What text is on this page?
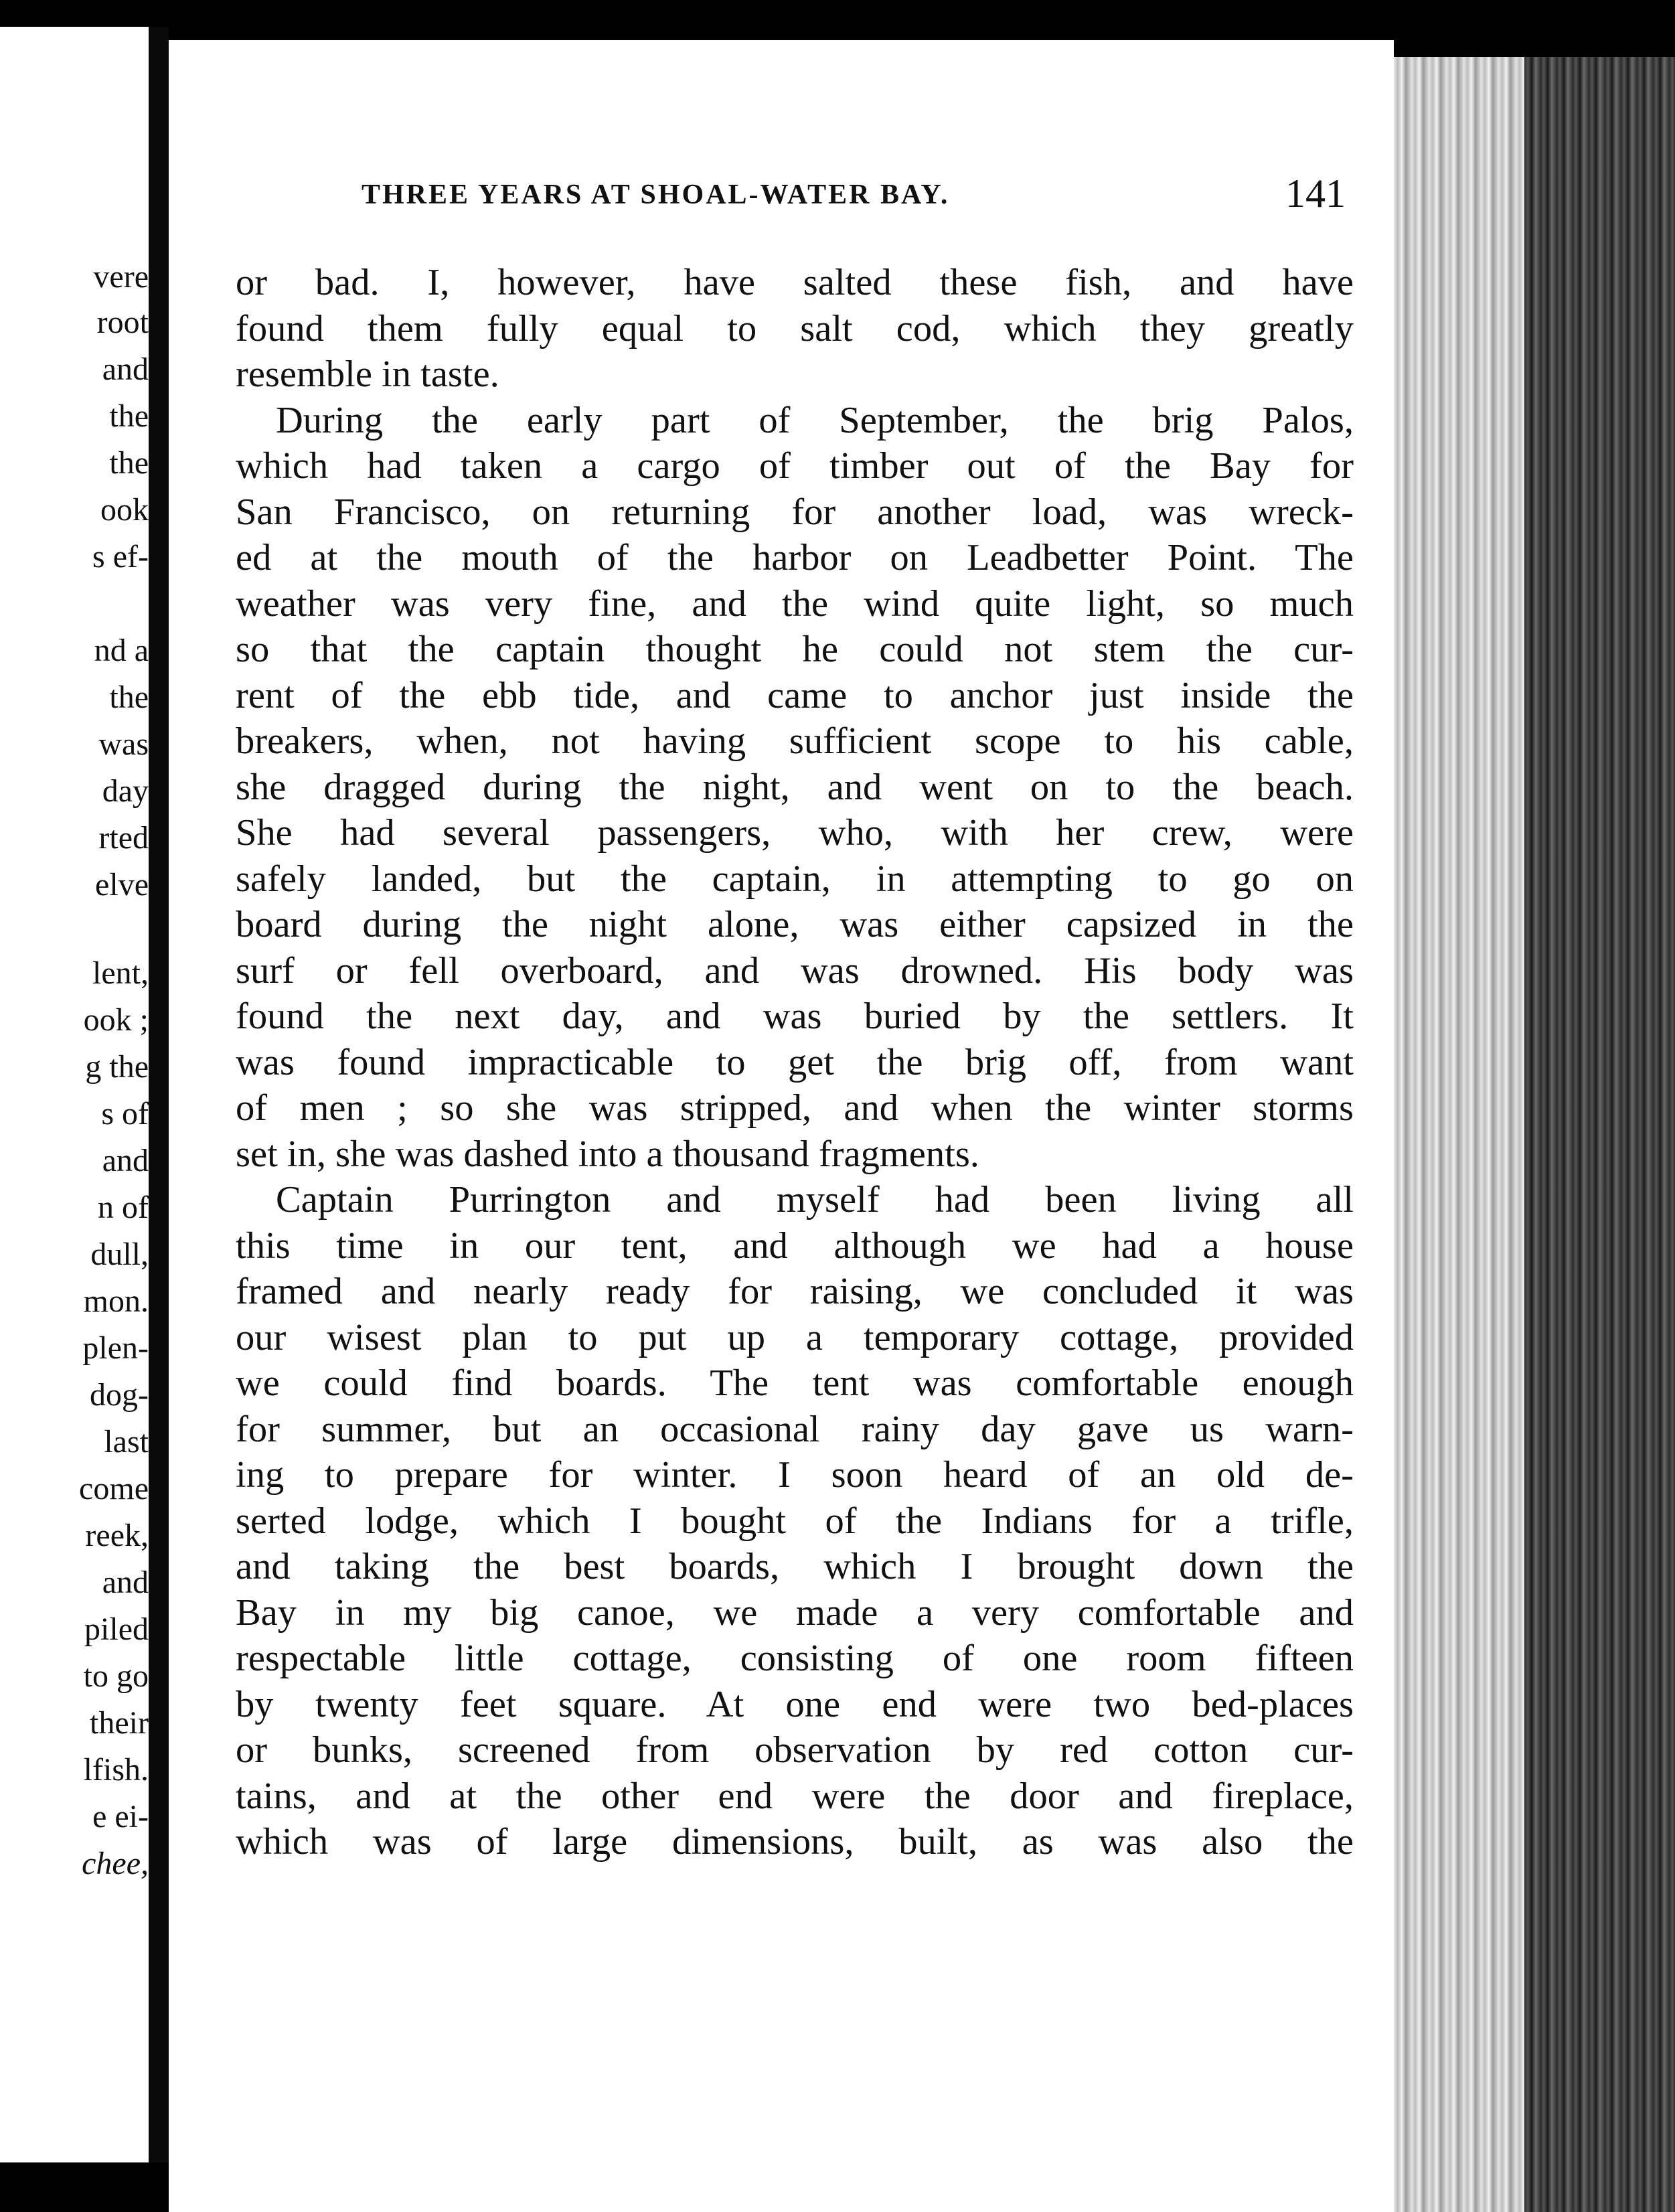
vere
root
and
the
the
ook
s ef-
nd a
the
was
day
rted
elve
lent,
ook ;
g the
s of
and
n of
dull,
mon.
plen-
dog-
last
come
reek,
and
piled
to go
their
lfish.
e ei-
chee,
THREE YEARS AT SHOAL-WATER BAY.	141
or bad. I, however, have salted these fish, and have
found them fully equal to salt cod, which they greatly
resemble in taste.
During the early part of September, the brig Palos,
which had taken a cargo of timber out of the Bay for
San Francisco, on returning for another load, was wreck-
ed at the mouth of the harbor on Leadbetter Point. The
weather was very fine, and the wind quite light, so much
so that the captain thought he could not stem the cur-
rent of the ebb tide, and came to anchor just inside the
breakers, when, not having sufficient scope to his cable,
she dragged during the night, and went on to the beach.
She had several passengers, who, with her crew, were
safely landed, but the captain, in attempting to go on
board during the night alone, was either capsized in the
surf or fell overboard, and was drowned. His body was
found the next day, and was buried by the settlers. It
was found impracticable to get the brig off, from want
of men ; so she was stripped, and when the winter storms
set in, she was dashed into a thousand fragments.
Captain Purrington and myself had been living all
this time in our tent, and although we had a house
framed and nearly ready for raising, we concluded it was
our wisest plan to put up a temporary cottage, provided
we could find boards. The tent was comfortable enough
for summer, but an occasional rainy day gave us warn-
ing to prepare for winter. I soon heard of an old de-
serted lodge, which I bought of the Indians for a trifle,
and taking the best boards, which I brought down the
Bay in my big canoe, we made a very comfortable and
respectable little cottage, consisting of one room fifteen
by twenty feet square. At one end were two bed-places
or bunks, screened from observation by red cotton cur-
tains, and at the other end were the door and fireplace,
which was of large dimensions, built, as was also the
